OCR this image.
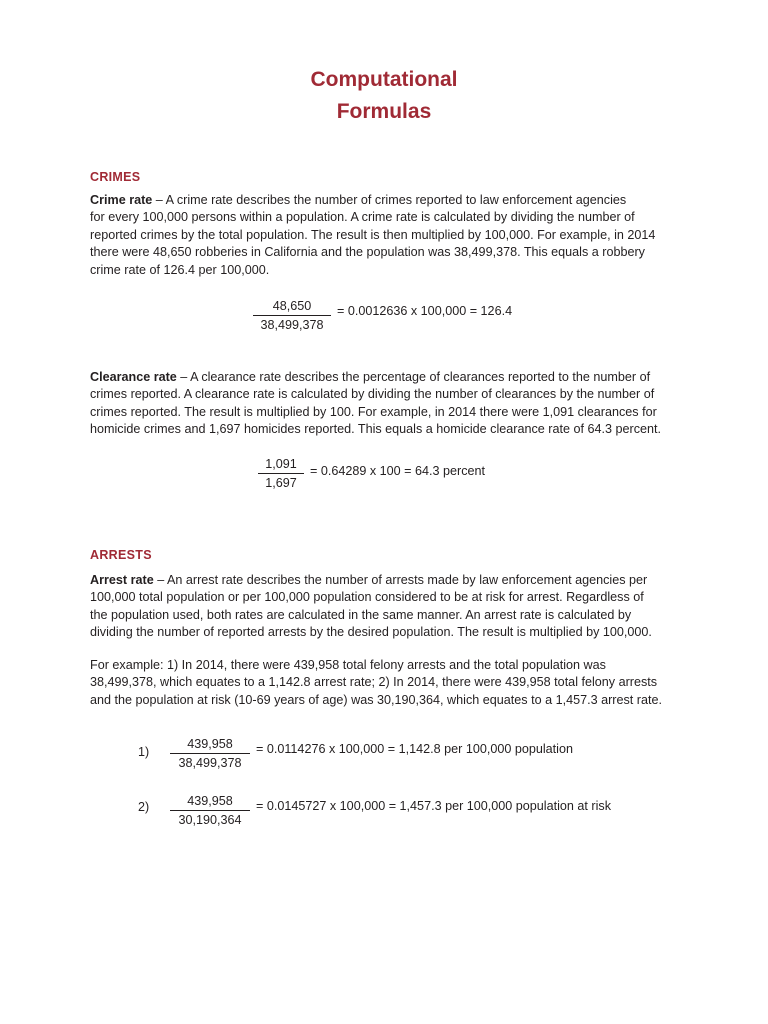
Computational
Formulas
CRIMES

Crime rate – A crime rate describes the number of crimes reported to law enforcement agencies
for every 100,000 persons within a population. A crime rate is calculated by dividing the number of
reported crimes by the total population. The result is then multiplied by 100,000. For example, in 2014
there were 48,650 robberies in California and the population was 38,499,378. This equals a robbery
crime rate of 126.4 per 100,000.

48,650
38,499,378
= 0.0012636 x 100,000 = 126.4

Clearance rate – A clearance rate describes the percentage of clearances reported to the number of
crimes reported. A clearance rate is calculated by dividing the number of clearances by the number of
crimes reported. The result is multiplied by 100. For example, in 2014 there were 1,091 clearances for
homicide crimes and 1,697 homicides reported. This equals a homicide clearance rate of 64.3 percent.

1,091
1,697
= 0.64289 x 100 = 64.3 percent
ARRESTS

Arrest rate – An arrest rate describes the number of arrests made by law enforcement agencies per
100,000 total population or per 100,000 population considered to be at risk for arrest. Regardless of
the population used, both rates are calculated in the same manner. An arrest rate is calculated by
dividing the number of reported arrests by the desired population. The result is multiplied by 100,000.

For example: 1) In 2014, there were 439,958 total felony arrests and the total population was
38,499,378, which equates to a 1,142.8 arrest rate; 2) In 2014, there were 439,958 total felony arrests
and the population at risk (10-69 years of age) was 30,190,364, which equates to a 1,457.3 arrest rate.

1)
439,958
38,499,378
= 0.0114276 x 100,000 = 1,142.8 per 100,000 population
2)	439,958
30,190,364
= 0.0145727 x 100,000 = 1,457.3 per 100,000 population at risk
